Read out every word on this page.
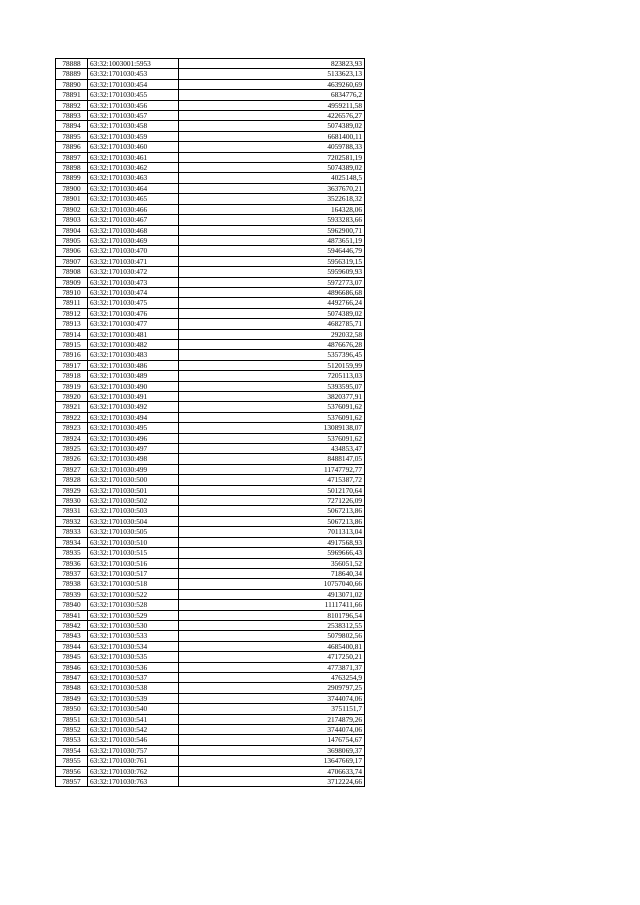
78888	63:32:1003001:5953	823823,93
78889	63:32:1701030:453	5133623,13
78890	63:32:1701030:454	4639260,69
78891	63:32:1701030:455	6834776,2
78892	63:32:1701030:456	4959211,58
78893	63:32:1701030:457	4226576,27
78894	63:32:1701030:458	5074389,02
78895	63:32:1701030:459	6681400,11
78896	63:32:1701030:460	4059788,33
78897	63:32:1701030:461	7202581,19
78898	63:32:1701030:462	5074389,02
78899	63:32:1701030:463	4025148,5
78900	63:32:1701030:464	3637670,21
78901	63:32:1701030:465	3522618,32
78902	63:32:1701030:466	164328,06
78903	63:32:1701030:467	5933283,66
78904	63:32:1701030:468	5962900,71
78905	63:32:1701030:469	4873651,19
78906	63:32:1701030:470	5946446,79
78907	63:32:1701030:471	5956319,15
78908	63:32:1701030:472	5959609,93
78909	63:32:1701030:473	5972773,07
78910	63:32:1701030:474	4896686,68
78911	63:32:1701030:475	4492766,24
78912	63:32:1701030:476	5074389,02
78913	63:32:1701030:477	4682785,71
78914	63:32:1701030:481	292032,58
78915	63:32:1701030:482	4876676,28
78916	63:32:1701030:483	5357396,45
78917	63:32:1701030:486	5120159,99
78918	63:32:1701030:489	7205113,03
78919	63:32:1701030:490	5393595,07
78920	63:32:1701030:491	3820377,91
78921	63:32:1701030:492	5376091,62
78922	63:32:1701030:494	5376091,62
78923	63:32:1701030:495	13089138,07
78924	63:32:1701030:496	5376091,62
78925	63:32:1701030:497	434853,47
78926	63:32:1701030:498	8488147,05
78927	63:32:1701030:499	11747792,77
78928	63:32:1701030:500	4715387,72
78929	63:32:1701030:501	5012170,64
78930	63:32:1701030:502	7271226,09
78931	63:32:1701030:503	5067213,86
78932	63:32:1701030:504	5067213,86
78933	63:32:1701030:505	7011313,04
78934	63:32:1701030:510	4917568,93
78935	63:32:1701030:515	5969666,43
78936	63:32:1701030:516	356051,52
78937	63:32:1701030:517	718640,34
78938	63:32:1701030:518	10757040,66
78939	63:32:1701030:522	4913071,02
78940	63:32:1701030:528	11117411,66
78941	63:32:1701030:529	8101796,54
78942	63:32:1701030:530	2538312,55
78943	63:32:1701030:533	5079802,56
78944	63:32:1701030:534	4685400,81
78945	63:32:1701030:535	4717250,21
78946	63:32:1701030:536	4773871,37
78947	63:32:1701030:537	4763254,9
78948	63:32:1701030:538	2909797,25
78949	63:32:1701030:539	3744074,06
78950	63:32:1701030:540	3751151,7
78951	63:32:1701030:541	2174879,26
78952	63:32:1701030:542	3744074,06
78953	63:32:1701030:546	1476754,67
78954	63:32:1701030:757	3698069,37
78955	63:32:1701030:761	13647669,17
78956	63:32:1701030:762	4706633,74
78957	63:32:1701030:763	3712224,66
